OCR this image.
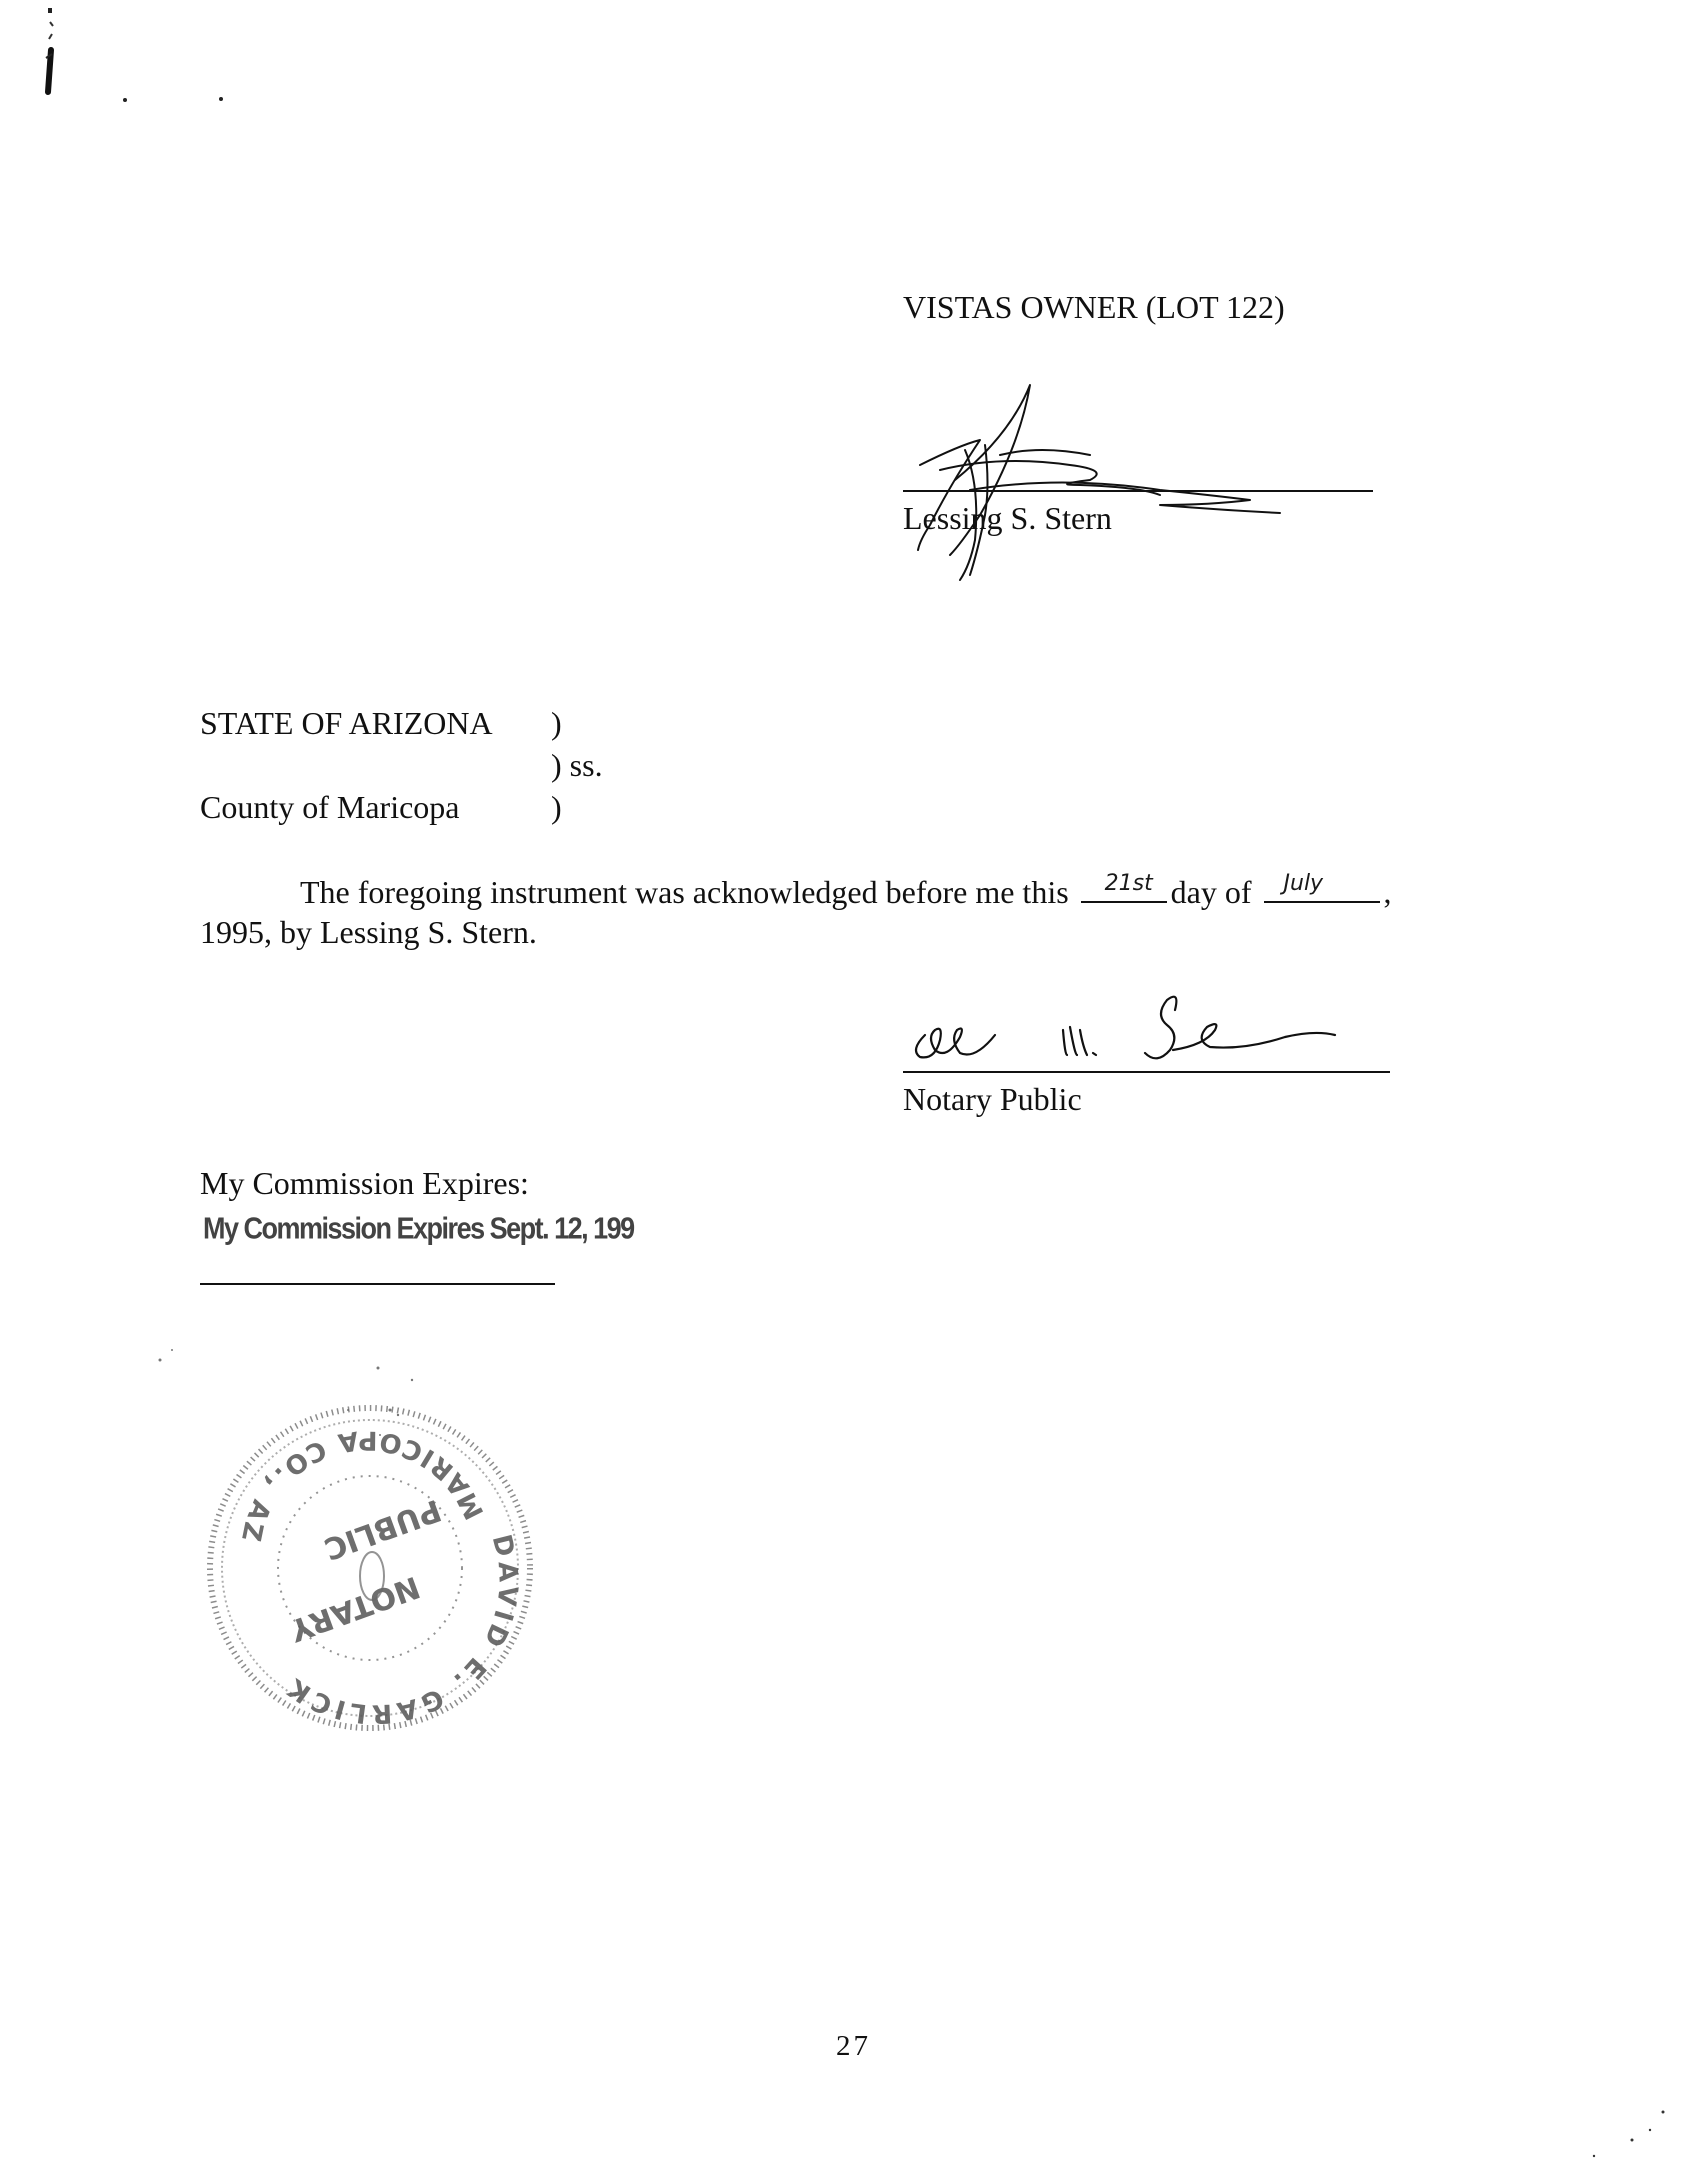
VISTAS OWNER (LOT 122)
Lessing S. Stern
STATE OF ARIZONA )
) ss.
County of Maricopa	)
The foregoing instrument was acknowledged before me this 21st day of July ,
1995, by Lessing S. Stern.
Notary Public
My Commission Expires:
My Commission Expires Sept. 12, 199
DAVID E. GARLICK
MARICOPA CO., AZ
NOTARY
PUBLIC
27
